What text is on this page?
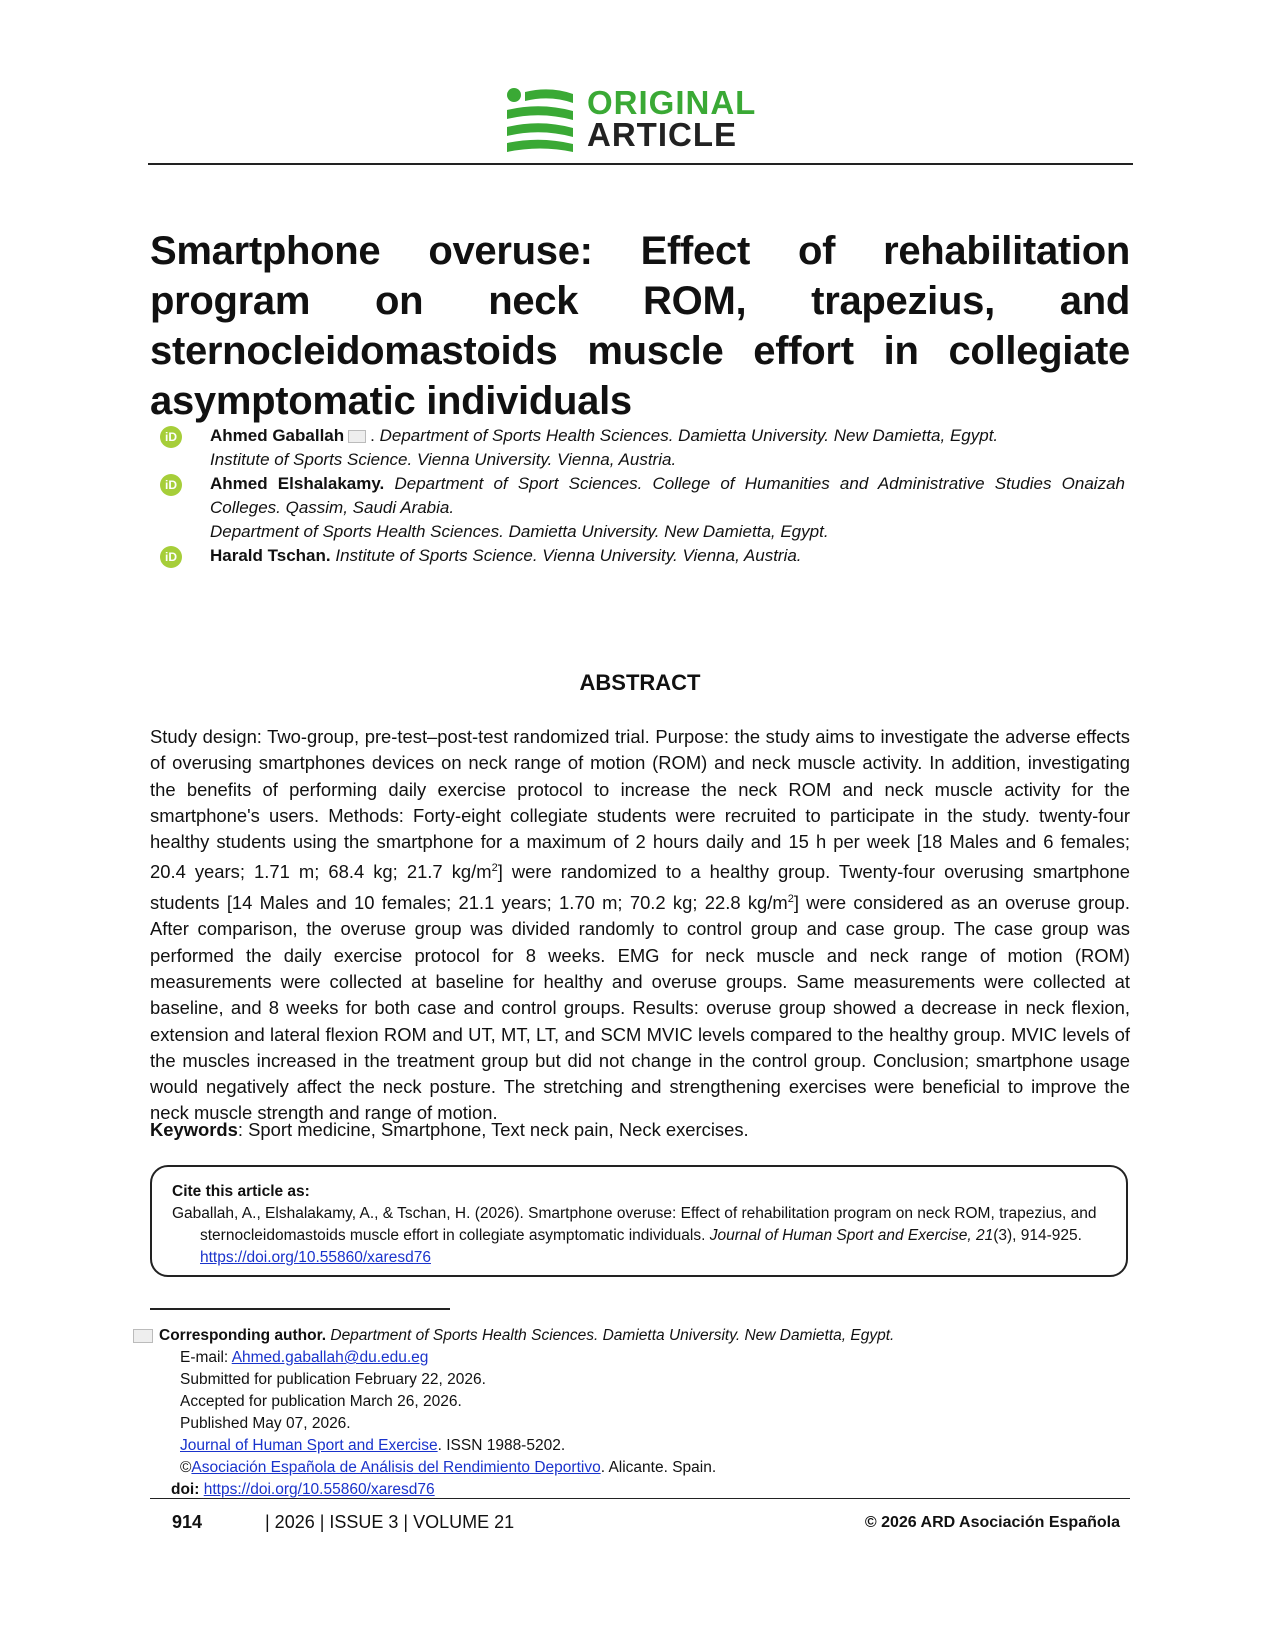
ORIGINAL
ARTICLE
Smartphone overuse: Effect of rehabilitation program on neck ROM, trapezius, and sternocleidomastoids muscle effort in collegiate asymptomatic individuals
iD Ahmed Gaballah . Department of Sports Health Sciences. Damietta University. New Damietta, Egypt.
Institute of Sports Science. Vienna University. Vienna, Austria.
iD Ahmed Elshalakamy. Department of Sport Sciences. College of Humanities and Administrative Studies Onaizah Colleges. Qassim, Saudi Arabia.
Department of Sports Health Sciences. Damietta University. New Damietta, Egypt.
iD Harald Tschan. Institute of Sports Science. Vienna University. Vienna, Austria.
ABSTRACT
Study design: Two-group, pre-test–post-test randomized trial. Purpose: the study aims to investigate the adverse effects of overusing smartphones devices on neck range of motion (ROM) and neck muscle activity. In addition, investigating the benefits of performing daily exercise protocol to increase the neck ROM and neck muscle activity for the smartphone's users. Methods: Forty-eight collegiate students were recruited to participate in the study. twenty-four healthy students using the smartphone for a maximum of 2 hours daily and 15 h per week [18 Males and 6 females; 20.4 years; 1.71 m; 68.4 kg; 21.7 $kg/m^2$] were randomized to a healthy group. Twenty-four overusing smartphone students [14 Males and 10 females; 21.1 years; 1.70 m; 70.2 kg; 22.8 $kg/m^2$] were considered as an overuse group. After comparison, the overuse group was divided randomly to control group and case group. The case group was performed the daily exercise protocol for 8 weeks. EMG for neck muscle and neck range of motion (ROM) measurements were collected at baseline for healthy and overuse groups. Same measurements were collected at baseline, and 8 weeks for both case and control groups. Results: overuse group showed a decrease in neck flexion, extension and lateral flexion ROM and UT, MT, LT, and SCM MVIC levels compared to the healthy group. MVIC levels of the muscles increased in the treatment group but did not change in the control group. Conclusion; smartphone usage would negatively affect the neck posture. The stretching and strengthening exercises were beneficial to improve the neck muscle strength and range of motion.
Keywords: Sport medicine, Smartphone, Text neck pain, Neck exercises.
Cite this article as:
Gaballah, A., Elshalakamy, A., & Tschan, H. (2026). Smartphone overuse: Effect of rehabilitation program on neck ROM, trapezius, and
sternocleidomastoids muscle effort in collegiate asymptomatic individuals. Journal of Human Sport and Exercise, 21(3), 914-925.
https://doi.org/10.55860/xaresd76
Corresponding author. Department of Sports Health Sciences. Damietta University. New Damietta, Egypt.
E-mail: Ahmed.gaballah@du.edu.eg
Submitted for publication February 22, 2026.
Accepted for publication March 26, 2026.
Published May 07, 2026.
Journal of Human Sport and Exercise. ISSN 1988-5202.
©Asociación Española de Análisis del Rendimiento Deportivo. Alicante. Spain.
doi: https://doi.org/10.55860/xaresd76
914	| 2026 | ISSUE 3 | VOLUME 21	© 2026 ARD Asociación Española
